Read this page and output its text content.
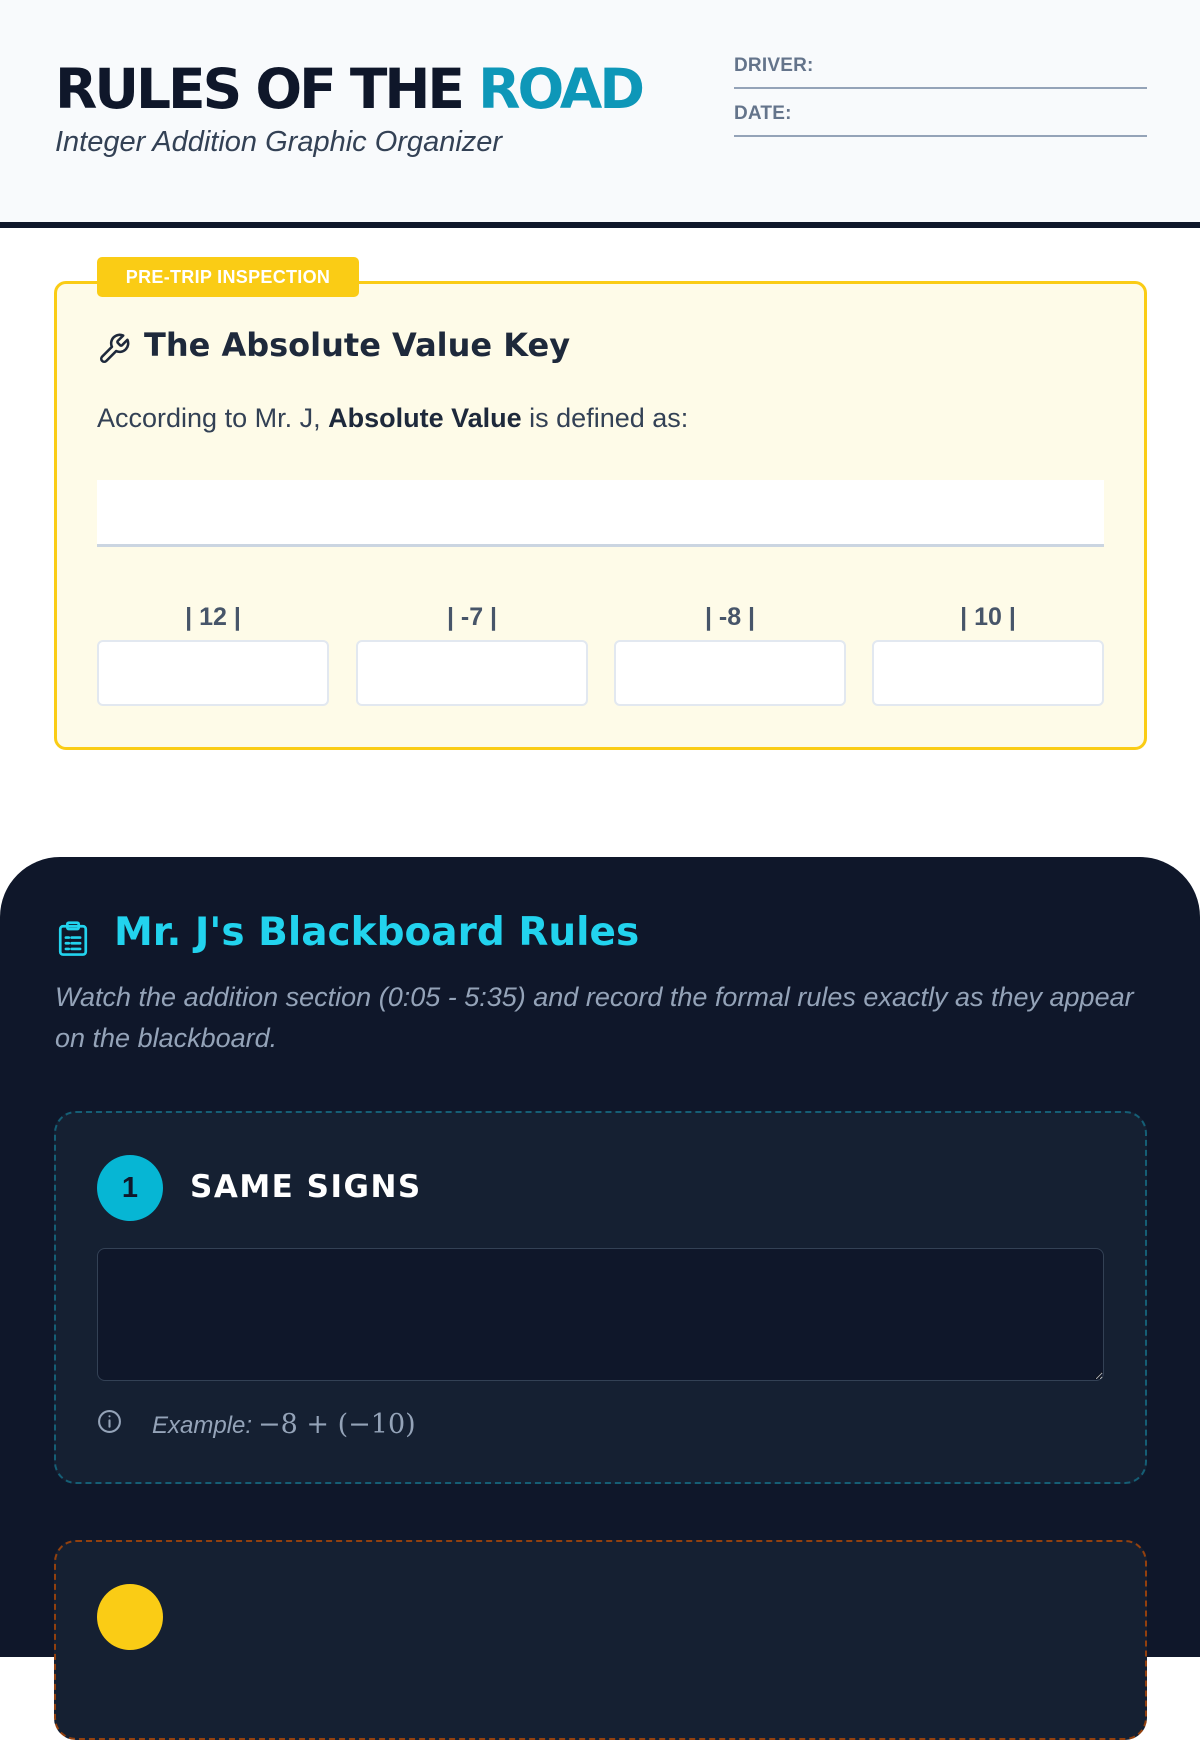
RULES OF THE ROAD
Integer Addition Graphic Organizer
DRIVER:
DATE:
PRE-TRIP INSPECTION
The Absolute Value Key
According to Mr. J, Absolute Value is defined as:
| 12 |	| -7 |	| -8 |	| 10 |
Mr. J's Blackboard Rules
Watch the addition section (0:05 - 5:35) and record the formal rules exactly as they appear on the blackboard.
1	SAME SIGNS
Example: −8 + (−10)
